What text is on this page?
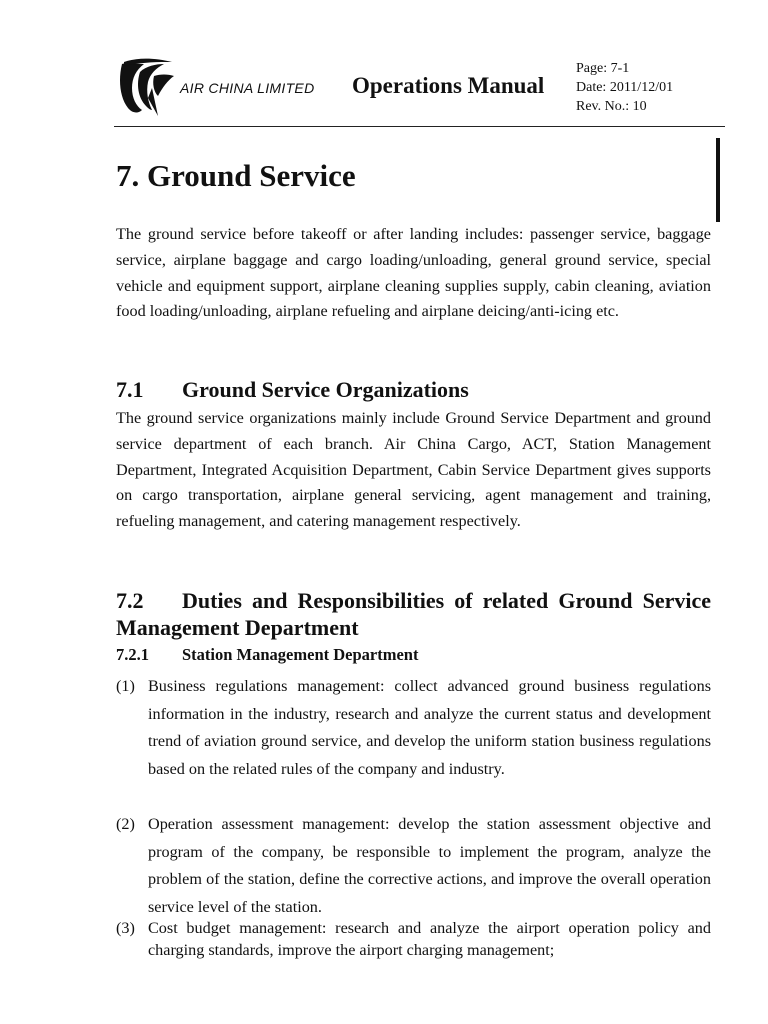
AIR CHINA LIMITED Operations Manual
Page: 7-1
Date: 2011/12/01
Rev. No.: 10
7. Ground Service
The ground service before takeoff or after landing includes: passenger service, baggage service, airplane baggage and cargo loading/unloading, general ground service, special vehicle and equipment support, airplane cleaning supplies supply, cabin cleaning, aviation food loading/unloading, airplane refueling and airplane deicing/anti-icing etc.
7.1 Ground Service Organizations
The ground service organizations mainly include Ground Service Department and ground service department of each branch. Air China Cargo, ACT, Station Management Department, Integrated Acquisition Department, Cabin Service Department gives supports on cargo transportation, airplane general servicing, agent management and training, refueling management, and catering management respectively.
7.2 Duties and Responsibilities of related Ground Service Management Department
7.2.1 Station Management Department
(1) Business regulations management: collect advanced ground business regulations information in the industry, research and analyze the current status and development trend of aviation ground service, and develop the uniform station business regulations based on the related rules of the company and industry.
(2) Operation assessment management: develop the station assessment objective and program of the company, be responsible to implement the program, analyze the problem of the station, define the corrective actions, and improve the overall operation service level of the station.
(3) Cost budget management: research and analyze the airport operation policy and charging standards, improve the airport charging management;
